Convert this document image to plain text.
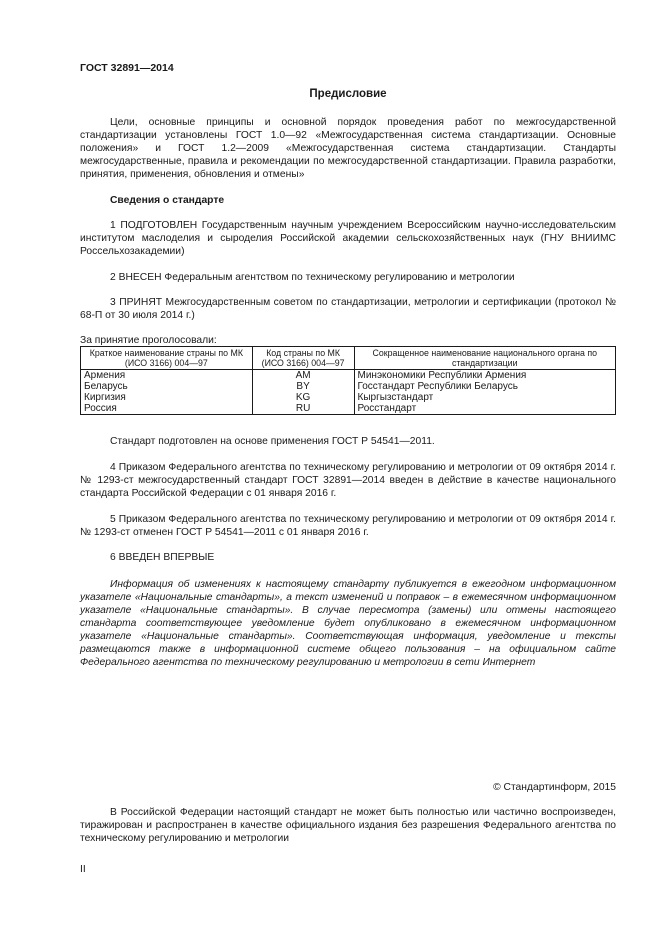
ГОСТ 32891—2014
Предисловие

Цели, основные принципы и основной порядок проведения работ по межгосударственной стандартизации установлены ГОСТ 1.0—92 «Межгосударственная система стандартизации. Основные положения» и ГОСТ 1.2—2009 «Межгосударственная система стандартизации. Стандарты межгосударственные, правила и рекомендации по межгосударственной стандартизации. Правила разработки, принятия, применения, обновления и отмены»

Сведения о стандарте

1 ПОДГОТОВЛЕН Государственным научным учреждением Всероссийским научно-исследовательским институтом маслоделия и сыроделия Российской академии сельскохозяйственных наук (ГНУ ВНИИМС Россельхозакадемии)

2 ВНЕСЕН Федеральным агентством по техническому регулированию и метрологии

3 ПРИНЯТ Межгосударственным советом по стандартизации, метрологии и сертификации (протокол № 68-П от 30 июля 2014 г.)

За принятие проголосовали:
Краткое наименование страны по МК (ИСО 3166) 004—97	Код страны по МК (ИСО 3166) 004—97	Сокращенное наименование национального органа по стандартизации
Армения	AM	Минэкономики Республики Армения
Беларусь	BY	Госстандарт Республики Беларусь
Киргизия	KG	Кыргызстандарт
Россия	RU	Росстандарт

Стандарт подготовлен на основе применения ГОСТ Р 54541—2011.

4 Приказом Федерального агентства по техническому регулированию и метрологии от 09 октября 2014 г. № 1293-ст межгосударственный стандарт ГОСТ 32891—2014 введен в действие в качестве национального стандарта Российской Федерации с 01 января 2016 г.

5 Приказом Федерального агентства по техническому регулированию и метрологии от 09 октября 2014 г. № 1293-ст отменен ГОСТ Р 54541—2011 с 01 января 2016 г.

6 ВВЕДЕН ВПЕРВЫЕ

Информация об изменениях к настоящему стандарту публикуется в ежегодном информационном указателе «Национальные стандарты», а текст изменений и поправок – в ежемесячном информационном указателе «Национальные стандарты». В случае пересмотра (замены) или отмены настоящего стандарта соответствующее уведомление будет опубликовано в ежемесячном информационном указателе «Национальные стандарты». Соответствующая информация, уведомление и тексты размещаются также в информационной системе общего пользования – на официальном сайте Федерального агентства по техническому регулированию и метрологии в сети Интернет

© Стандартинформ, 2015

В Российской Федерации настоящий стандарт не может быть полностью или частично воспроизведен, тиражирован и распространен в качестве официального издания без разрешения Федерального агентства по техническому регулированию и метрологии

II
